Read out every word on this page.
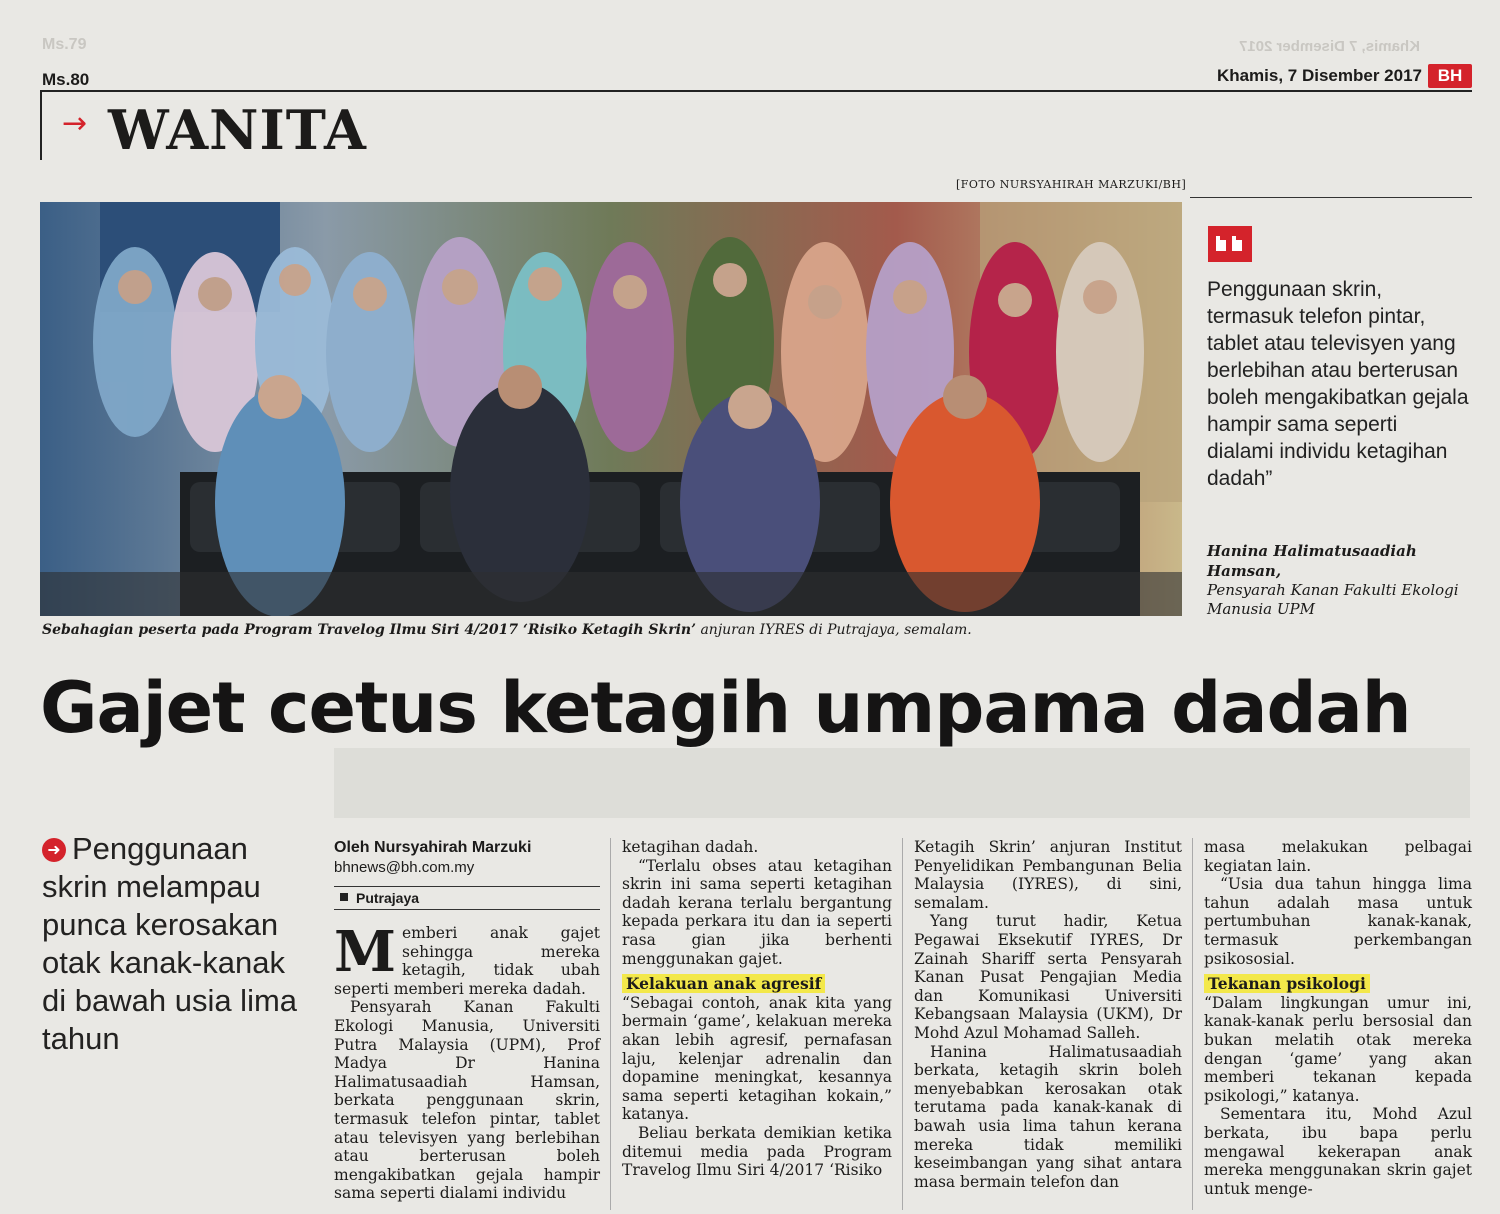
Ms.79	Khamis, 7 Disember 2017
Ms.80	Khamis, 7 Disember 2017 BH
→ WANITA
[FOTO NURSYAHIRAH MARZUKI/BH]
Sebahagian peserta pada Program Travelog Ilmu Siri 4/2017 ‘Risiko Ketagih Skrin’ anjuran IYRES di Putrajaya, semalam.
Penggunaan skrin, termasuk telefon pintar, tablet atau televisyen yang berlebihan atau berterusan boleh mengakibatkan gejala hampir sama seperti dialami individu ketagihan dadah”
Hanina Halimatusaadiah Hamsan,
Pensyarah Kanan Fakulti Ekologi Manusia UPM
Gajet cetus ketagih umpama dadah
➜ Penggunaan skrin melampau punca kerosakan otak kanak-kanak di bawah usia lima tahun
Oleh Nursyahirah Marzuki
bhnews@bh.com.my
Putrajaya

Memberi anak gajet sehingga mereka ketagih, tidak ubah seperti memberi mereka dadah.

Pensyarah Kanan Fakulti Ekologi Manusia, Universiti Putra Malaysia (UPM), Prof Madya Dr Hanina Halimatusaadiah Hamsan, berkata penggunaan skrin, termasuk telefon pintar, tablet atau televisyen yang berlebihan atau berterusan boleh mengakibatkan gejala hampir sama seperti dialami individu

ketagihan dadah.

“Terlalu obses atau ketagihan skrin ini sama seperti ketagihan dadah kerana terlalu bergantung kepada perkara itu dan ia seperti rasa gian jika berhenti menggunakan gajet.

Kelakuan anak agresif

“Sebagai contoh, anak kita yang bermain ‘game’, kelakuan mereka akan lebih agresif, pernafasan laju, kelenjar adrenalin dan dopamine meningkat, kesannya sama seperti ketagihan kokain,” katanya.

Beliau berkata demikian ketika ditemui media pada Program Travelog Ilmu Siri 4/2017 ‘Risiko

Ketagih Skrin’ anjuran Institut Penyelidikan Pembangunan Belia Malaysia (IYRES), di sini, semalam.

Yang turut hadir, Ketua Pegawai Eksekutif IYRES, Dr Zainah Shariff serta Pensyarah Kanan Pusat Pengajian Media dan Komunikasi Universiti Kebangsaan Malaysia (UKM), Dr Mohd Azul Mohamad Salleh.

Hanina Halimatusaadiah berkata, ketagih skrin boleh menyebabkan kerosakan otak terutama pada kanak-kanak di bawah usia lima tahun kerana mereka tidak memiliki keseimbangan yang sihat antara masa bermain telefon dan

masa melakukan pelbagai kegiatan lain.

“Usia dua tahun hingga lima tahun adalah masa untuk pertumbuhan kanak-kanak, termasuk perkembangan psikososial.

Tekanan psikologi

“Dalam lingkungan umur ini, kanak-kanak perlu bersosial dan bukan melatih otak mereka dengan ‘game’ yang akan memberi tekanan kepada psikologi,” katanya.

Sementara itu, Mohd Azul berkata, ibu bapa perlu mengawal kekerapan anak mereka menggunakan skrin gajet untuk menge-
